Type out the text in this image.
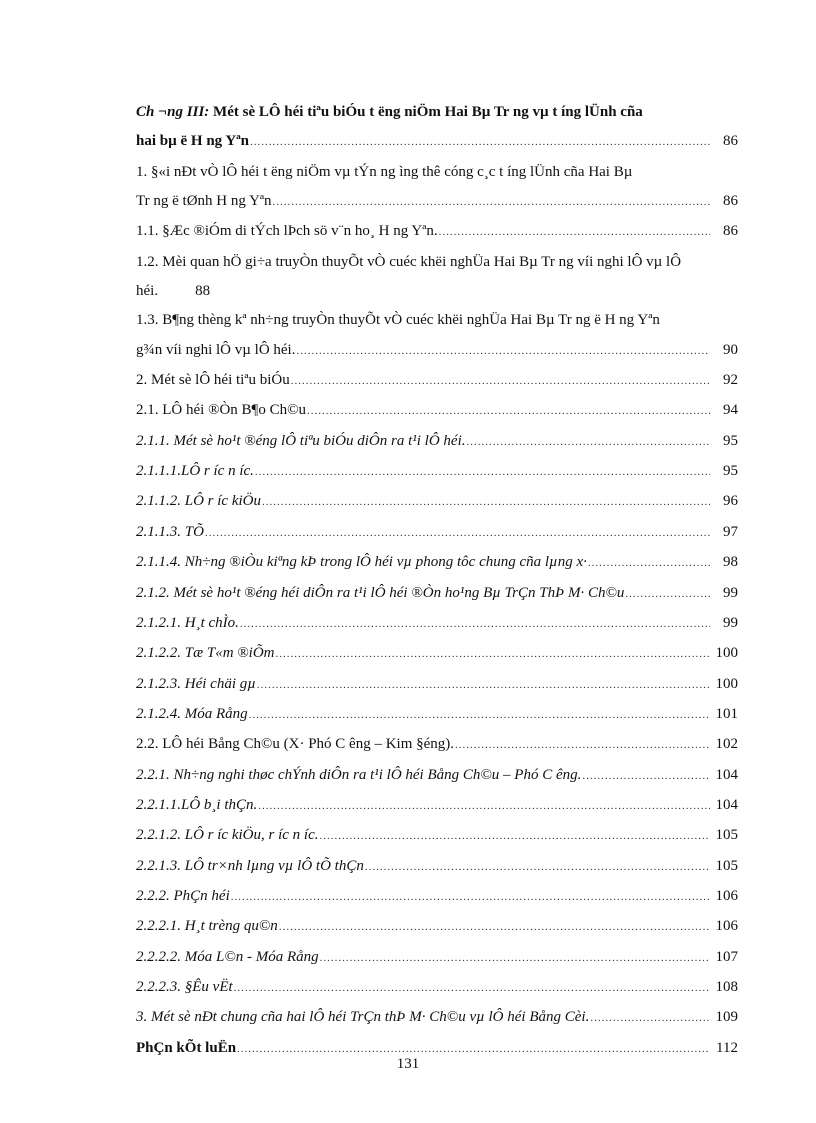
Ch ¬ng III: Mét sè LÔ héi tiªu biÓu t ëng niÖm Hai Bµ Tr ng vµ t íng lÜnh cña
hai bµ ë H ng Yªn .....	86
1. §«i nÐt vÒ lÔ héi t ëng niÖm vµ tÝn ng ìng thê cóng c¸c t íng lÜnh cña Hai Bµ
Tr ng ë tØnh H ng Yªn .....	86
1.1. §Æc ®iÓm di tÝch lÞch sö v¨n ho¸ H ng Yªn. .....	86
1.2. Mèi quan hÖ gi÷a truyÒn thuyÕt vÒ cuéc khëi nghÜa Hai Bµ Tr ng víi nghi lÔ vµ lÔ
héi.	88
1.3. B¶ng thèng kª nh÷ng truyÒn thuyÕt vÒ cuéc khëi nghÜa Hai Bµ Tr ng ë H ng Yªn
g¾n víi nghi lÔ vµ lÔ héi. .....	90
2. Mét sè lÔ héi tiªu biÓu .....	92
2.1. LÔ héi ®Òn B¶o Ch©u .....	94
2.1.1. Mét sè ho¹t ®éng lÔ tiªu biÓu diÔn ra t¹i lÔ héi. .....	95
2.1.1.1.LÔ r íc n íc. .....	95
2.1.1.2. LÔ r íc kiÖu .....	96
2.1.1.3. TÕ .....	97
2.1.1.4. Nh÷ng ®iÒu kiªng kÞ trong lÔ héi vµ phong tôc chung cña lµng x· .....	98
2.1.2. Mét sè ho¹t ®éng héi diÔn ra t¹i lÔ héi ®Òn ho¹ng Bµ TrÇn ThÞ M· Ch©u .....	99
2.1.2.1. H¸t chÌo. .....	99
2.1.2.2. Tæ T«m ®iÕm .....	100
2.1.2.3. Héi chäi gµ .....	100
2.1.2.4. Móa Rång .....	101
2.2. LÔ héi Bång Ch©u (X· Phó C êng – Kim §éng). .....	102
2.2.1. Nh÷ng nghi thøc chÝnh diÔn ra t¹i lÔ héi Bång Ch©u – Phó C êng. .....	104
2.2.1.1.LÔ b¸i thÇn. .....	104
2.2.1.2. LÔ r íc kiÖu, r íc n íc. .....	105
2.2.1.3. LÔ tr×nh lµng vµ lÔ tÕ thÇn .....	105
2.2.2. PhÇn héi .....	106
2.2.2.1. H¸t trèng qu©n .....	106
2.2.2.2. Móa L©n - Móa Rång .....	107
2.2.2.3. §Êu vËt .....	108
3. Mét sè nÐt chung cña hai lÔ héi TrÇn thÞ M· Ch©u vµ lÔ héi Bång Cèi. .....	109
PhÇn kÕt luËn .....	112
131
